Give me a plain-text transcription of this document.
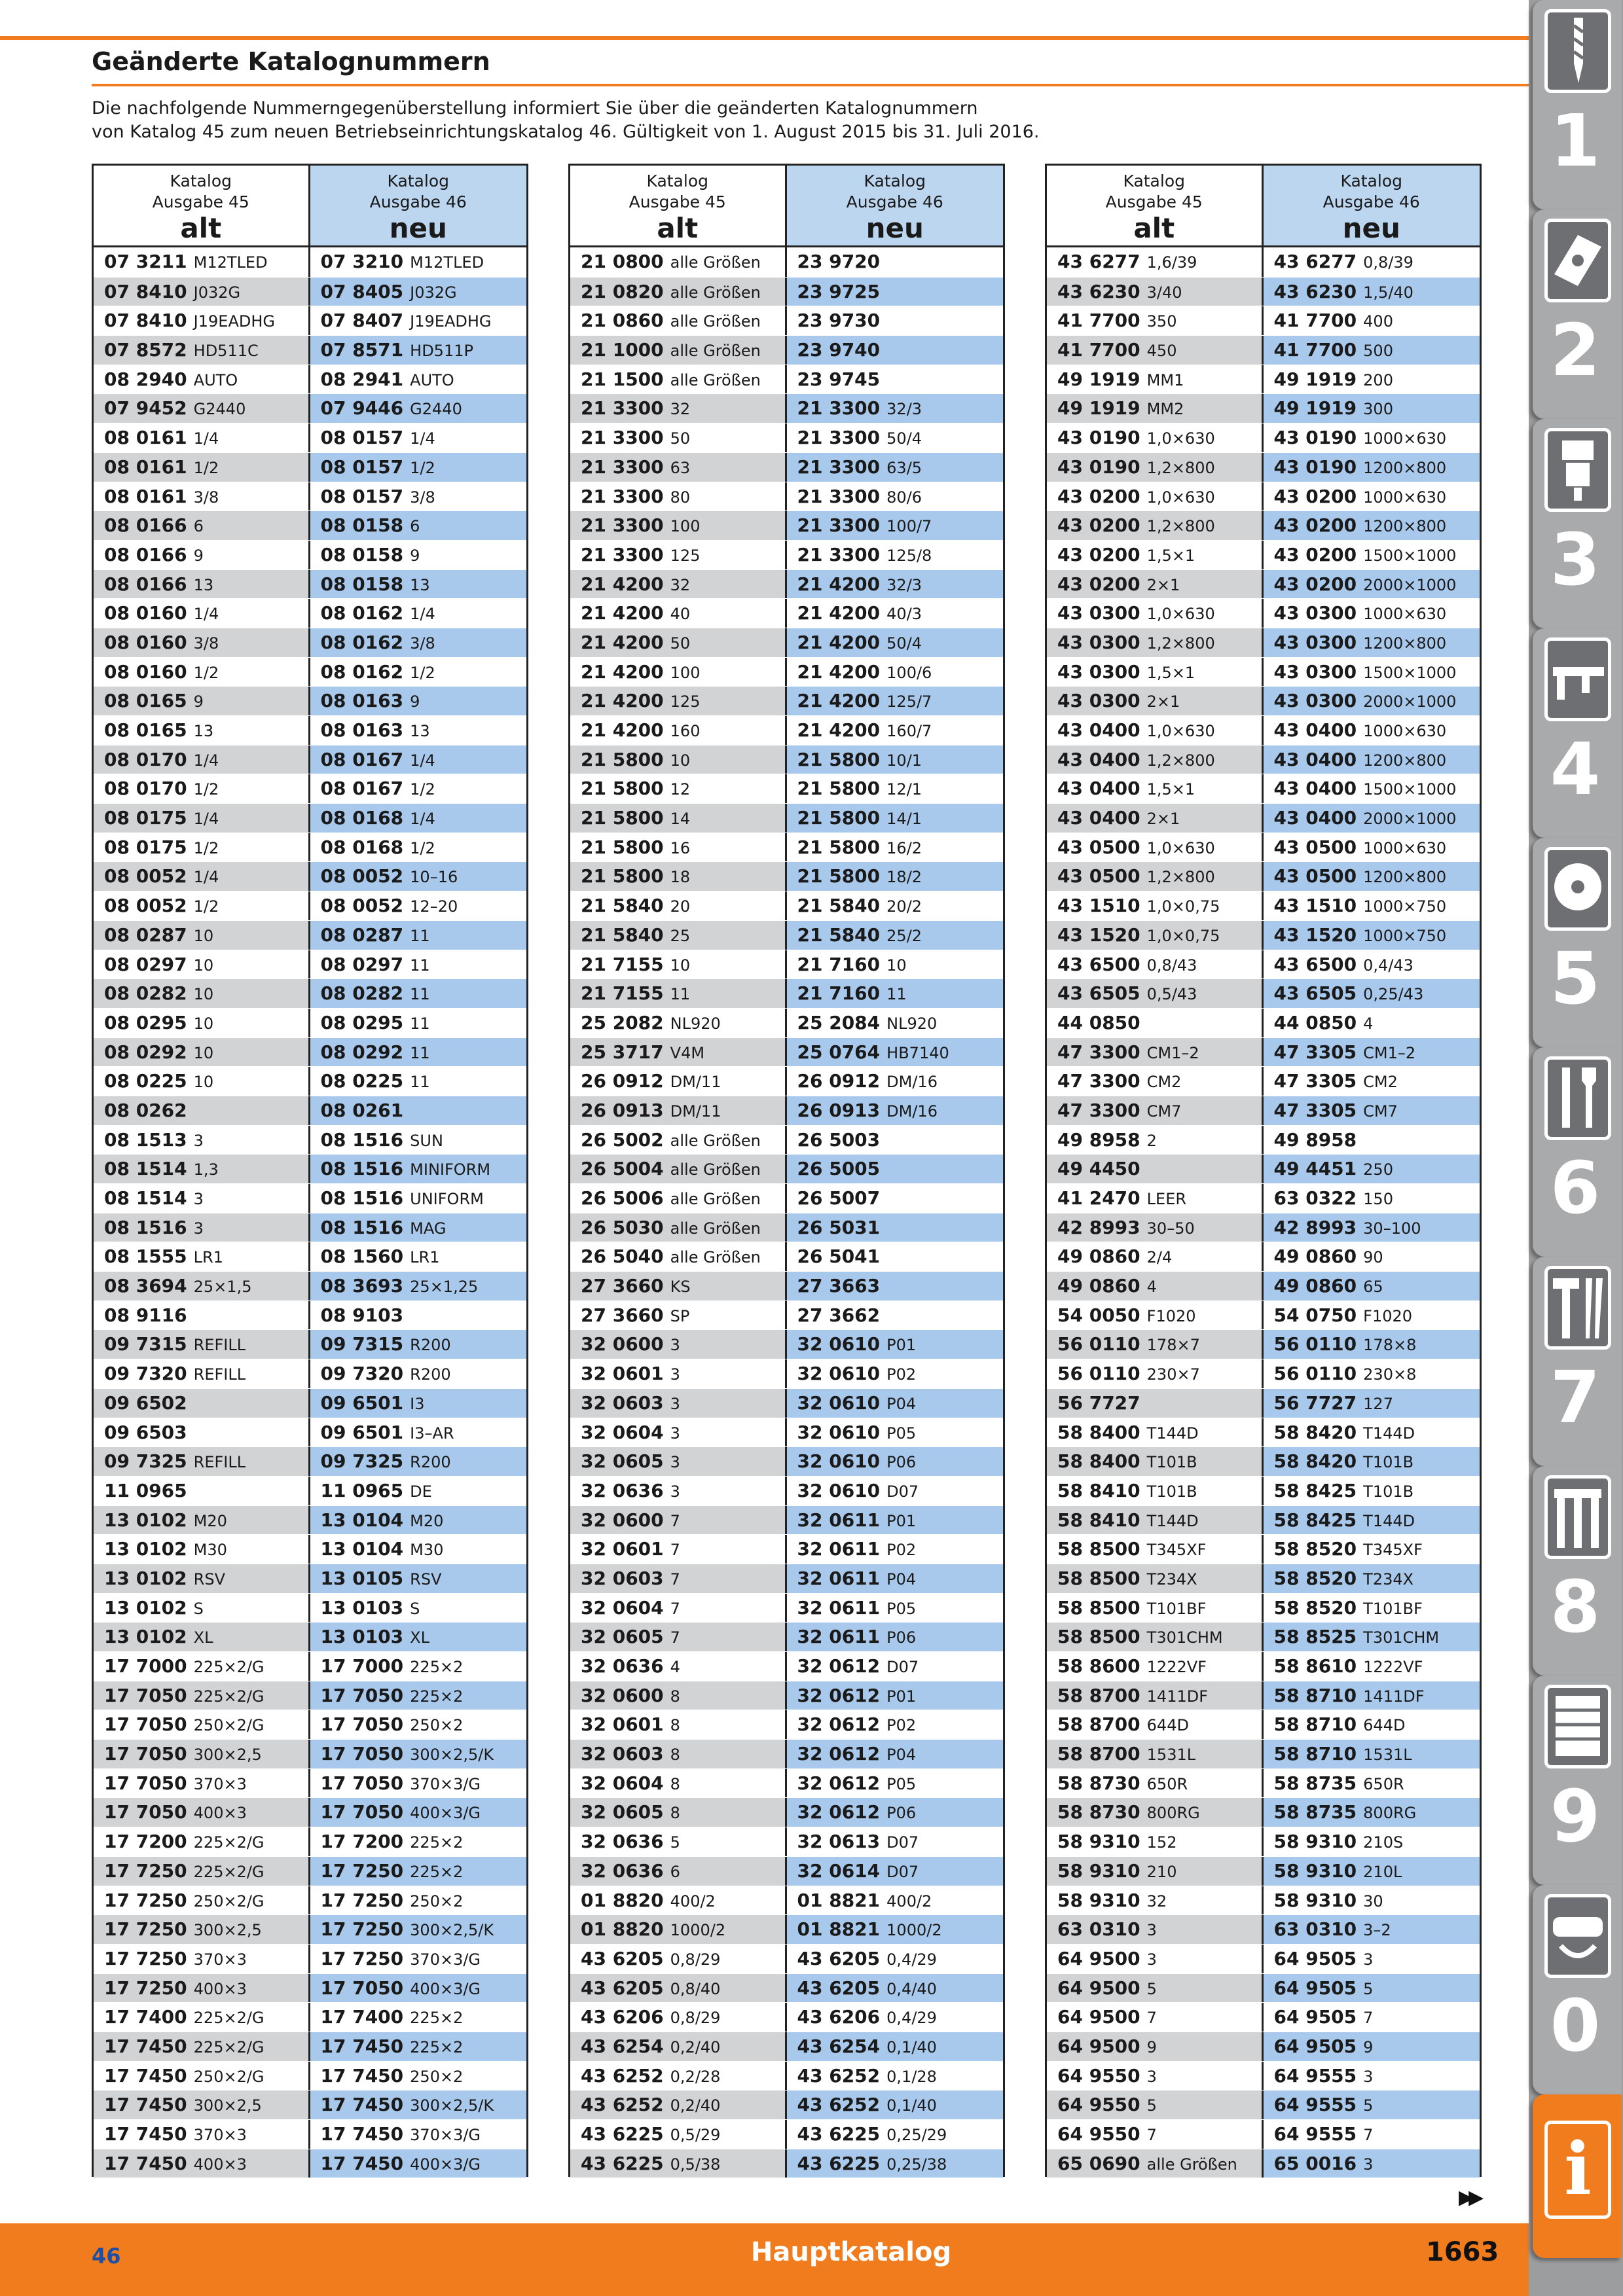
Geänderte Katalognummern
Die nachfolgende Nummerngegenüberstellung informiert Sie über die geänderten Katalognummern
von Katalog 45 zum neuen Betriebseinrichtungskatalog 46. Gültigkeit von 1. August 2015 bis 31. Juli 2016.
Katalog
Ausgabe 45
alt
Katalog
Ausgabe 46
neu
07 3211 M12TLED	07 3210 M12TLED
07 8410 J032G	07 8405 J032G
07 8410 J19EADHG	07 8407 J19EADHG
07 8572 HD511C	07 8571 HD511P
08 2940 AUTO	08 2941 AUTO
07 9452 G2440	07 9446 G2440
08 0161 1/4	08 0157 1/4
08 0161 1/2	08 0157 1/2
08 0161 3/8	08 0157 3/8
08 0166 6	08 0158 6
08 0166 9	08 0158 9
08 0166 13	08 0158 13
08 0160 1/4	08 0162 1/4
08 0160 3/8	08 0162 3/8
08 0160 1/2	08 0162 1/2
08 0165 9	08 0163 9
08 0165 13	08 0163 13
08 0170 1/4	08 0167 1/4
08 0170 1/2	08 0167 1/2
08 0175 1/4	08 0168 1/4
08 0175 1/2	08 0168 1/2
08 0052 1/4	08 0052 10–16
08 0052 1/2	08 0052 12–20
08 0287 10	08 0287 11
08 0297 10	08 0297 11
08 0282 10	08 0282 11
08 0295 10	08 0295 11
08 0292 10	08 0292 11
08 0225 10	08 0225 11
08 0262	08 0261
08 1513 3	08 1516 SUN
08 1514 1,3	08 1516 MINIFORM
08 1514 3	08 1516 UNIFORM
08 1516 3	08 1516 MAG
08 1555 LR1	08 1560 LR1
08 3694 25×1,5	08 3693 25×1,25
08 9116	08 9103
09 7315 REFILL	09 7315 R200
09 7320 REFILL	09 7320 R200
09 6502	09 6501 I3
09 6503	09 6501 I3–AR
09 7325 REFILL	09 7325 R200
11 0965	11 0965 DE
13 0102 M20	13 0104 M20
13 0102 M30	13 0104 M30
13 0102 RSV	13 0105 RSV
13 0102 S	13 0103 S
13 0102 XL	13 0103 XL
17 7000 225×2/G	17 7000 225×2
17 7050 225×2/G	17 7050 225×2
17 7050 250×2/G	17 7050 250×2
17 7050 300×2,5	17 7050 300×2,5/K
17 7050 370×3	17 7050 370×3/G
17 7050 400×3	17 7050 400×3/G
17 7200 225×2/G	17 7200 225×2
17 7250 225×2/G	17 7250 225×2
17 7250 250×2/G	17 7250 250×2
17 7250 300×2,5	17 7250 300×2,5/K
17 7250 370×3	17 7250 370×3/G
17 7250 400×3	17 7050 400×3/G
17 7400 225×2/G	17 7400 225×2
17 7450 225×2/G	17 7450 225×2
17 7450 250×2/G	17 7450 250×2
17 7450 300×2,5	17 7450 300×2,5/K
17 7450 370×3	17 7450 370×3/G
17 7450 400×3	17 7450 400×3/G
Katalog
Ausgabe 45
alt
Katalog
Ausgabe 46
neu
21 0800 alle Größen	23 9720
21 0820 alle Größen	23 9725
21 0860 alle Größen	23 9730
21 1000 alle Größen	23 9740
21 1500 alle Größen	23 9745
21 3300 32	21 3300 32/3
21 3300 50	21 3300 50/4
21 3300 63	21 3300 63/5
21 3300 80	21 3300 80/6
21 3300 100	21 3300 100/7
21 3300 125	21 3300 125/8
21 4200 32	21 4200 32/3
21 4200 40	21 4200 40/3
21 4200 50	21 4200 50/4
21 4200 100	21 4200 100/6
21 4200 125	21 4200 125/7
21 4200 160	21 4200 160/7
21 5800 10	21 5800 10/1
21 5800 12	21 5800 12/1
21 5800 14	21 5800 14/1
21 5800 16	21 5800 16/2
21 5800 18	21 5800 18/2
21 5840 20	21 5840 20/2
21 5840 25	21 5840 25/2
21 7155 10	21 7160 10
21 7155 11	21 7160 11
25 2082 NL920	25 2084 NL920
25 3717 V4M	25 0764 HB7140
26 0912 DM/11	26 0912 DM/16
26 0913 DM/11	26 0913 DM/16
26 5002 alle Größen	26 5003
26 5004 alle Größen	26 5005
26 5006 alle Größen	26 5007
26 5030 alle Größen	26 5031
26 5040 alle Größen	26 5041
27 3660 KS	27 3663
27 3660 SP	27 3662
32 0600 3	32 0610 P01
32 0601 3	32 0610 P02
32 0603 3	32 0610 P04
32 0604 3	32 0610 P05
32 0605 3	32 0610 P06
32 0636 3	32 0610 D07
32 0600 7	32 0611 P01
32 0601 7	32 0611 P02
32 0603 7	32 0611 P04
32 0604 7	32 0611 P05
32 0605 7	32 0611 P06
32 0636 4	32 0612 D07
32 0600 8	32 0612 P01
32 0601 8	32 0612 P02
32 0603 8	32 0612 P04
32 0604 8	32 0612 P05
32 0605 8	32 0612 P06
32 0636 5	32 0613 D07
32 0636 6	32 0614 D07
01 8820 400/2	01 8821 400/2
01 8820 1000/2	01 8821 1000/2
43 6205 0,8/29	43 6205 0,4/29
43 6205 0,8/40	43 6205 0,4/40
43 6206 0,8/29	43 6206 0,4/29
43 6254 0,2/40	43 6254 0,1/40
43 6252 0,2/28	43 6252 0,1/28
43 6252 0,2/40	43 6252 0,1/40
43 6225 0,5/29	43 6225 0,25/29
43 6225 0,5/38	43 6225 0,25/38
Katalog
Ausgabe 45
alt
Katalog
Ausgabe 46
neu
43 6277 1,6/39	43 6277 0,8/39
43 6230 3/40	43 6230 1,5/40
41 7700 350	41 7700 400
41 7700 450	41 7700 500
49 1919 MM1	49 1919 200
49 1919 MM2	49 1919 300
43 0190 1,0×630	43 0190 1000×630
43 0190 1,2×800	43 0190 1200×800
43 0200 1,0×630	43 0200 1000×630
43 0200 1,2×800	43 0200 1200×800
43 0200 1,5×1	43 0200 1500×1000
43 0200 2×1	43 0200 2000×1000
43 0300 1,0×630	43 0300 1000×630
43 0300 1,2×800	43 0300 1200×800
43 0300 1,5×1	43 0300 1500×1000
43 0300 2×1	43 0300 2000×1000
43 0400 1,0×630	43 0400 1000×630
43 0400 1,2×800	43 0400 1200×800
43 0400 1,5×1	43 0400 1500×1000
43 0400 2×1	43 0400 2000×1000
43 0500 1,0×630	43 0500 1000×630
43 0500 1,2×800	43 0500 1200×800
43 1510 1,0×0,75	43 1510 1000×750
43 1520 1,0×0,75	43 1520 1000×750
43 6500 0,8/43	43 6500 0,4/43
43 6505 0,5/43	43 6505 0,25/43
44 0850	44 0850 4
47 3300 CM1–2	47 3305 CM1–2
47 3300 CM2	47 3305 CM2
47 3300 CM7	47 3305 CM7
49 8958 2	49 8958
49 4450	49 4451 250
41 2470 LEER	63 0322 150
42 8993 30–50	42 8993 30–100
49 0860 2/4	49 0860 90
49 0860 4	49 0860 65
54 0050 F1020	54 0750 F1020
56 0110 178×7	56 0110 178×8
56 0110 230×7	56 0110 230×8
56 7727	56 7727 127
58 8400 T144D	58 8420 T144D
58 8400 T101B	58 8420 T101B
58 8410 T101B	58 8425 T101B
58 8410 T144D	58 8425 T144D
58 8500 T345XF	58 8520 T345XF
58 8500 T234X	58 8520 T234X
58 8500 T101BF	58 8520 T101BF
58 8500 T301CHM	58 8525 T301CHM
58 8600 1222VF	58 8610 1222VF
58 8700 1411DF	58 8710 1411DF
58 8700 644D	58 8710 644D
58 8700 1531L	58 8710 1531L
58 8730 650R	58 8735 650R
58 8730 800RG	58 8735 800RG
58 9310 152	58 9310 210S
58 9310 210	58 9310 210L
58 9310 32	58 9310 30
63 0310 3	63 0310 3–2
64 9500 3	64 9505 3
64 9500 5	64 9505 5
64 9500 7	64 9505 7
64 9500 9	64 9505 9
64 9550 3	64 9555 3
64 9550 5	64 9555 5
64 9550 7	64 9555 7
65 0690 alle Größen	65 0016 3
▶▶
46	Hauptkatalog	1663
1
2
3
4
5
6
7
8
9
0
i
